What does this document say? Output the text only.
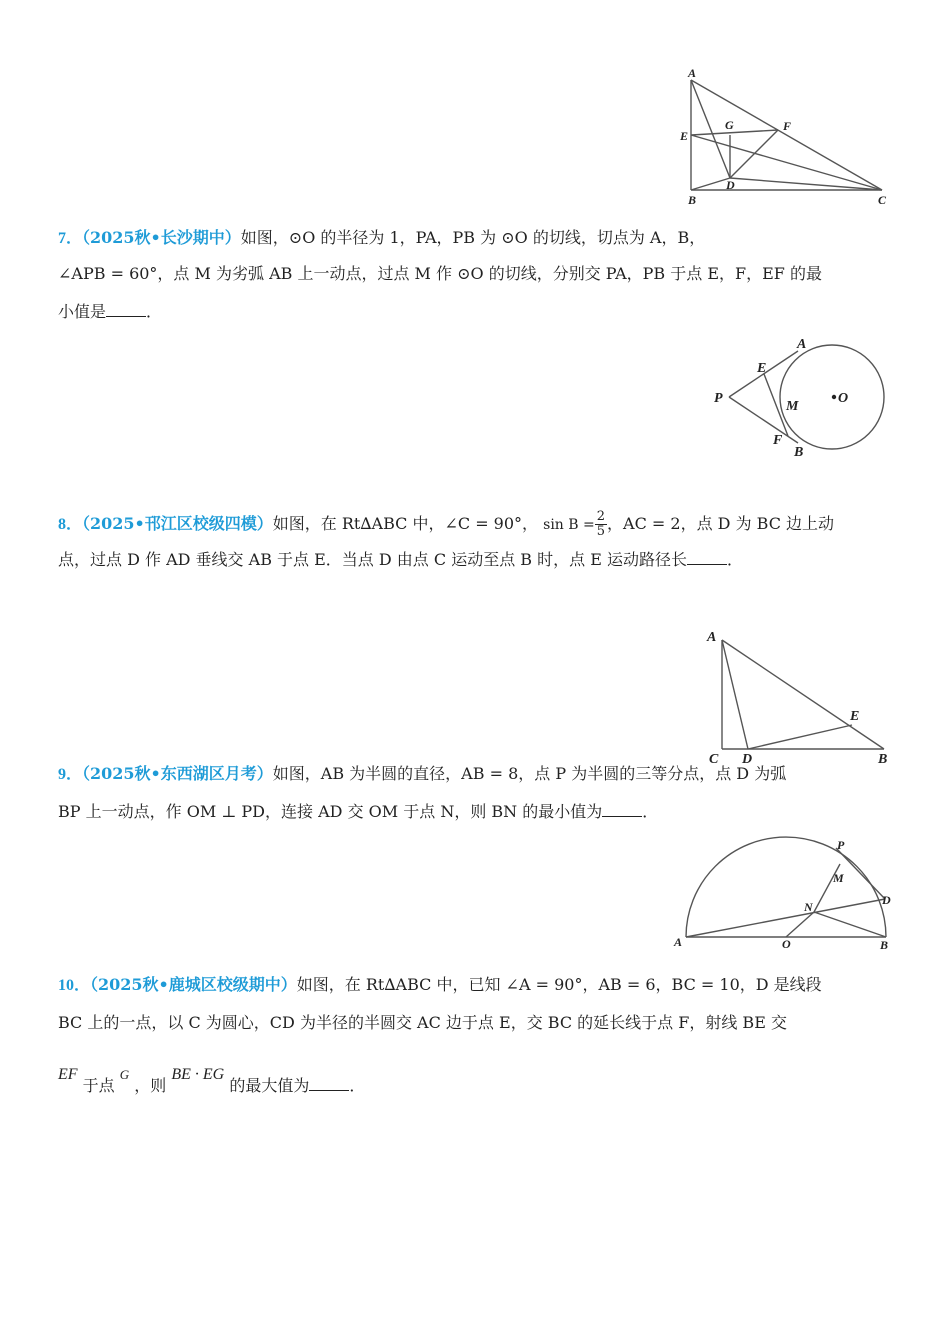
A
E
G	F
D
B	C
7．（2025秋•长沙期中）如图，⊙O 的半径为 1，PA，PB 为 ⊙O 的切线，切点为 A，B，
∠APB = 60°，点 M 为劣弧 AB 上一动点，过点 M 作 ⊙O 的切线，分别交 PA，PB 于点 E，F，EF 的最
小值是	．
P
E
A
M
O
F
B
8．（2025•邗江区校级四模）如图，在 Rt∆ABC 中，∠C = 90°， $\sin B = \frac{2}{5}$ ，AC = 2，点 D 为 BC 边上动
点，过点 D 作 AD 垂线交 AB 于点 E．当点 D 由点 C 运动至点 B 时，点 E 运动路径长	．
A
E
C D	B
9．（2025秋•东西湖区月考）如图，AB 为半圆的直径，AB = 8，点 P 为半圆的三等分点，点 D 为弧
BP 上一动点，作 OM ⊥ PD，连接 AD 交 OM 于点 N，则 BN 的最小值为	．
A	O	B
N	D
M
P
10．（2025秋•鹿城区校级期中）如图，在 Rt∆ABC 中，已知 ∠A = 90°，AB = 6，BC = 10，D 是线段
BC 上的一点，以 C 为圆心，CD 为半径的半圆交 AC 边于点 E，交 BC 的延长线于点 F，射线 BE 交
EF 于点 $^G$ ，则 BE · EG 的最大值为	．
